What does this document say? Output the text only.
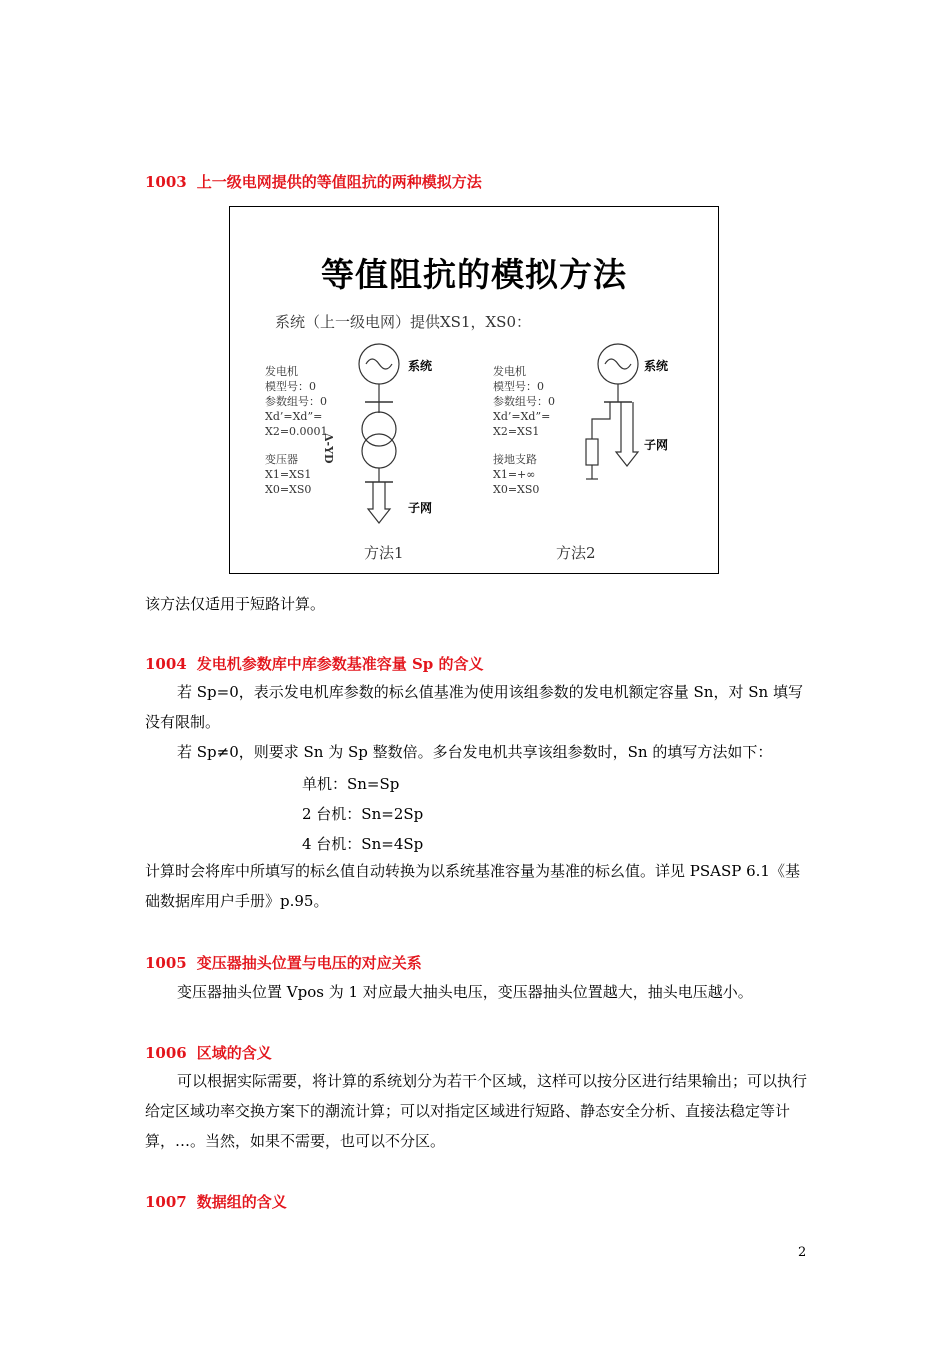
1003 上一级电网提供的等值阻抗的两种模拟方法
等值阻抗的模拟方法
系统（上一级电网）提供XS1，XS0：
发电机
模型号：0
参数组号：0
Xd’=Xd”=
X2=0.0001
变压器
X1=XS1
X0=XS0
系统
子网
Δ-YD
方法1
发电机
模型号：0
参数组号：0
Xd’=Xd”=
X2=XS1
接地支路
X1=+∞
X0=XS0
系统
子网
方法2
该方法仅适用于短路计算。
1004 发电机参数库中库参数基准容量 Sp 的含义
若 Sp=0，表示发电机库参数的标幺值基准为使用该组参数的发电机额定容量 Sn，对 Sn 填写没有限制。
若 Sp≠0，则要求 Sn 为 Sp 整数倍。多台发电机共享该组参数时，Sn 的填写方法如下：
单机：Sn=Sp
2 台机：Sn=2Sp
4 台机：Sn=4Sp
计算时会将库中所填写的标幺值自动转换为以系统基准容量为基准的标幺值。详见 PSASP 6.1《基础数据库用户手册》p.95。
1005 变压器抽头位置与电压的对应关系
变压器抽头位置 Vpos 为 1 对应最大抽头电压，变压器抽头位置越大，抽头电压越小。
1006 区域的含义
可以根据实际需要，将计算的系统划分为若干个区域，这样可以按分区进行结果输出；可以执行给定区域功率交换方案下的潮流计算；可以对指定区域进行短路、静态安全分析、直接法稳定等计算，…。当然，如果不需要，也可以不分区。
1007 数据组的含义
2
